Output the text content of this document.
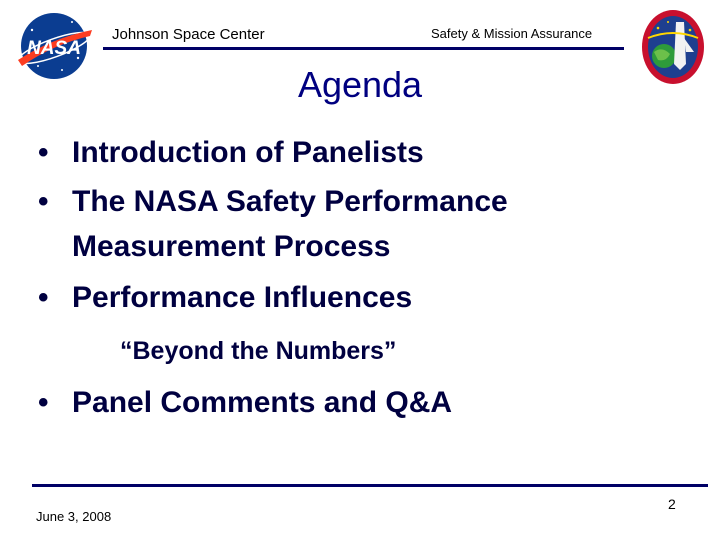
NASA
Johnson Space Center	Safety & Mission Assurance
Agenda
• Introduction of Panelists
• The NASA Safety Performance
Measurement Process
• Performance Influences
“Beyond the Numbers”
• Panel Comments and Q&A
June 3, 2008
2
